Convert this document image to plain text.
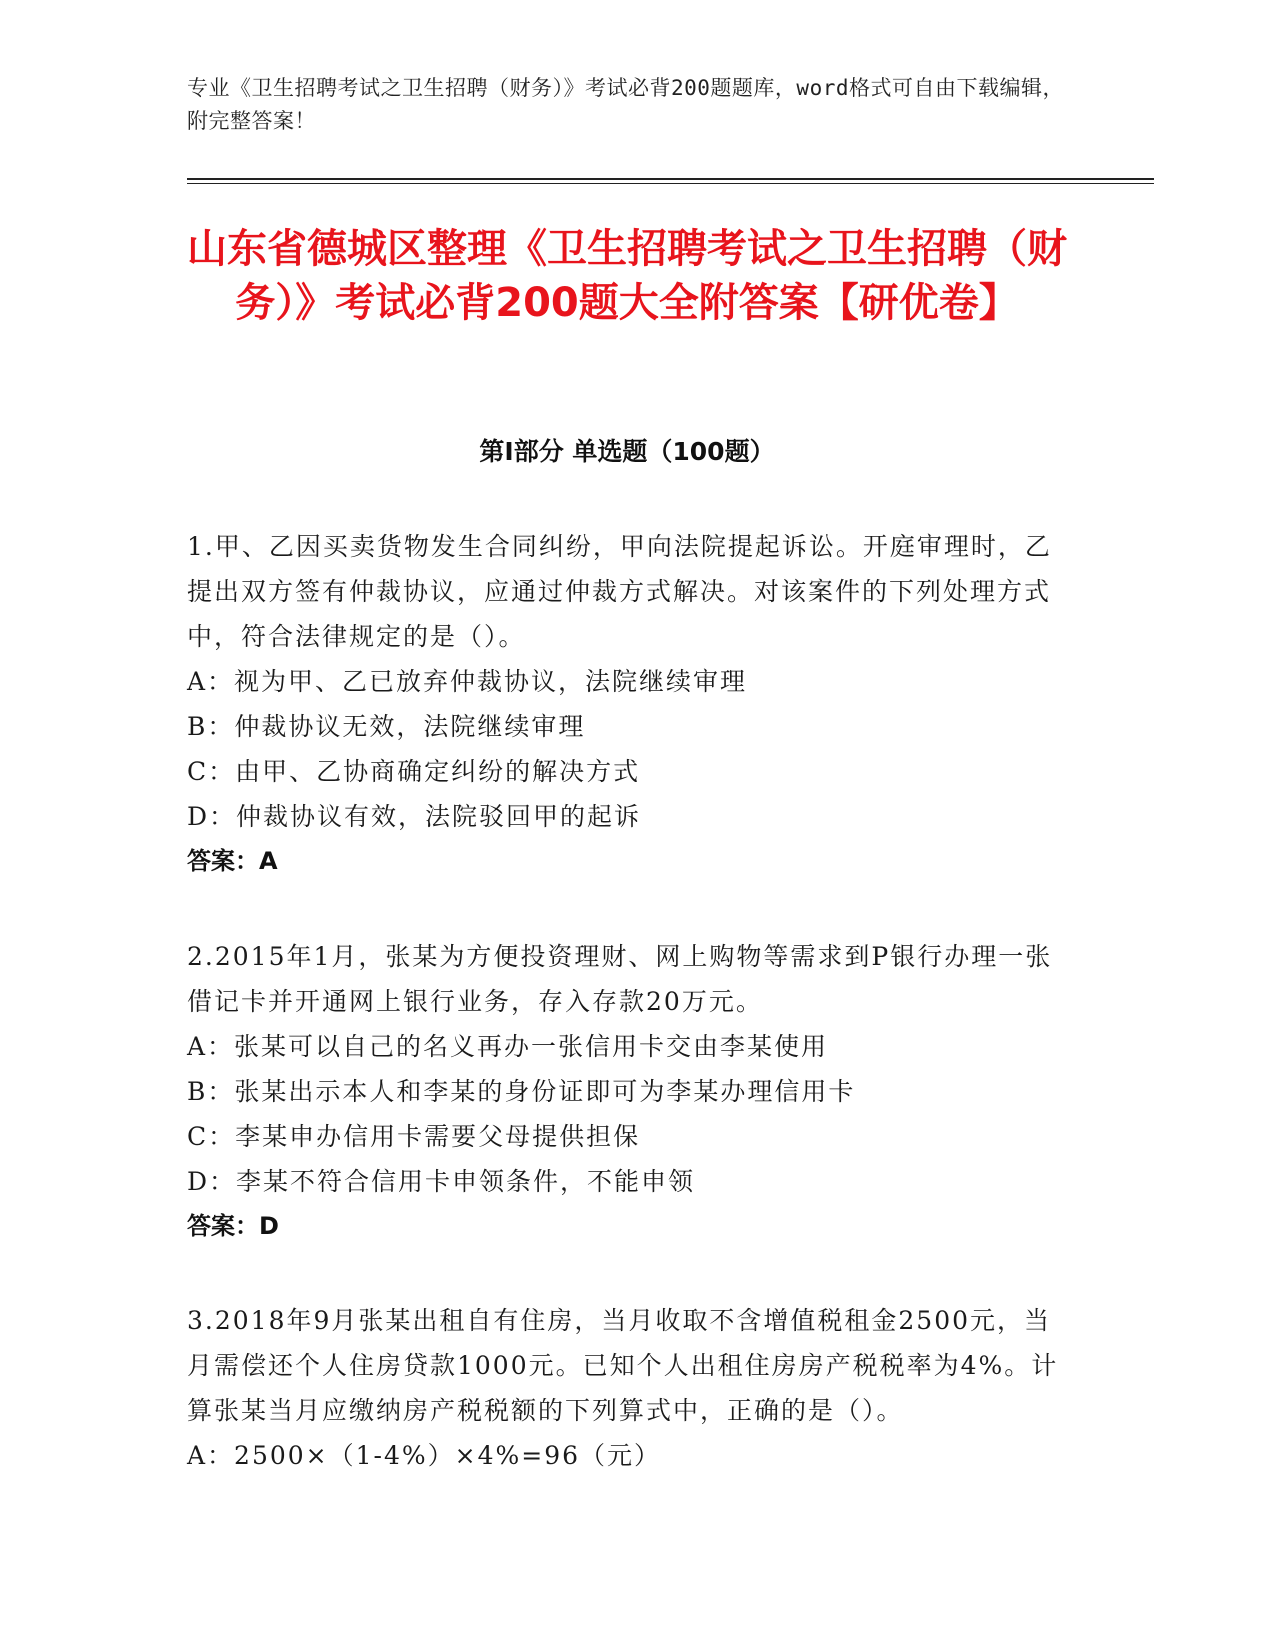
专业《卫生招聘考试之卫生招聘（财务）》考试必背200题题库，word格式可自由下载编辑，附完整答案！
山东省德城区整理《卫生招聘考试之卫生招聘（财务）》考试必背200题大全附答案【研优卷】
第Ⅰ部分 单选题（100题）

1.甲、乙因买卖货物发生合同纠纷，甲向法院提起诉讼。开庭审理时，乙提出双方签有仲裁协议，应通过仲裁方式解决。对该案件的下列处理方式中，符合法律规定的是（）。

A：视为甲、乙已放弃仲裁协议，法院继续审理

B：仲裁协议无效，法院继续审理

C：由甲、乙协商确定纠纷的解决方式

D：仲裁协议有效，法院驳回甲的起诉

答案：A

2.2015年1月，张某为方便投资理财、网上购物等需求到P银行办理一张借记卡并开通网上银行业务，存入存款20万元。

A：张某可以自己的名义再办一张信用卡交由李某使用

B：张某出示本人和李某的身份证即可为李某办理信用卡

C：李某申办信用卡需要父母提供担保

D：李某不符合信用卡申领条件，不能申领

答案：D

3.2018年9月张某出租自有住房，当月收取不含增值税租金2500元，当月需偿还个人住房贷款1000元。已知个人出租住房房产税税率为4%。计算张某当月应缴纳房产税税额的下列算式中，正确的是（）。

A：2500×（1-4%）×4%=96（元）
